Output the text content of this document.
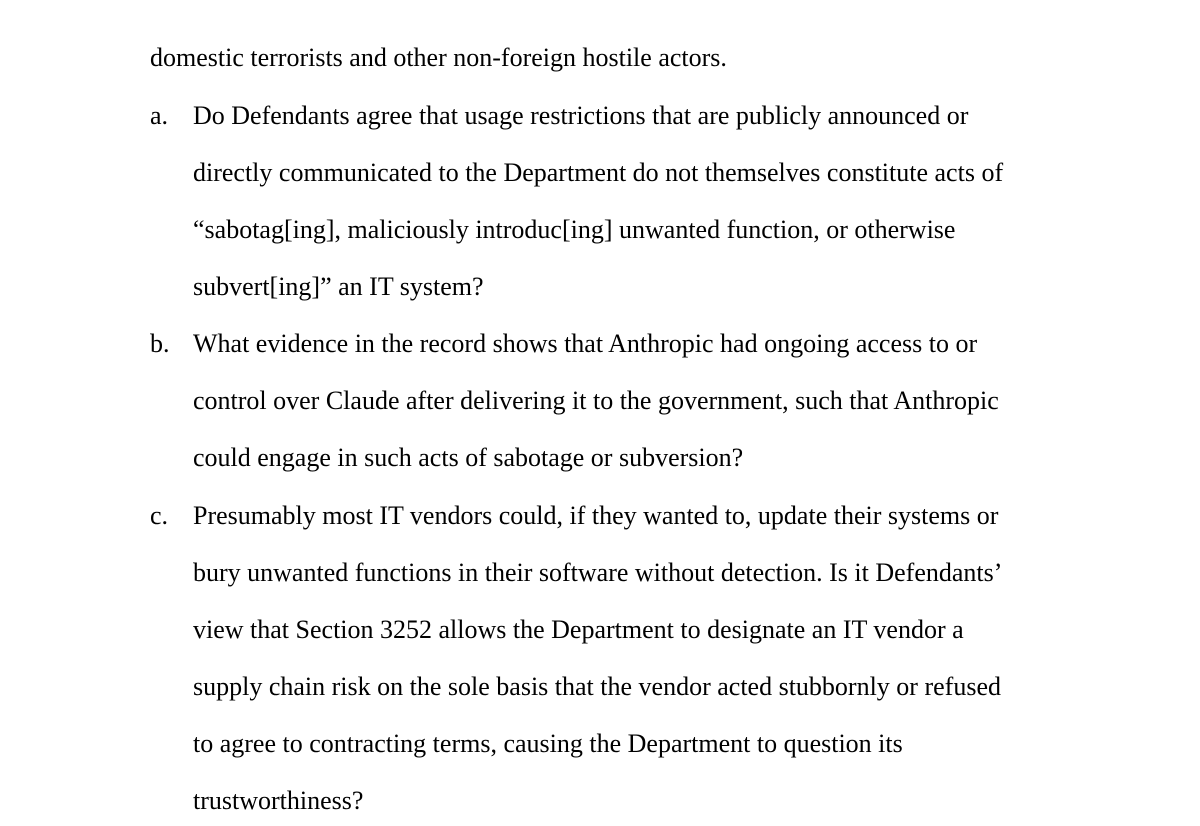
domestic terrorists and other non-foreign hostile actors.

a. Do Defendants agree that usage restrictions that are publicly announced or

directly communicated to the Department do not themselves constitute acts of

“sabotag[ing], maliciously introduc[ing] unwanted function, or otherwise

subvert[ing]” an IT system?

b. What evidence in the record shows that Anthropic had ongoing access to or

control over Claude after delivering it to the government, such that Anthropic

could engage in such acts of sabotage or subversion?

c. Presumably most IT vendors could, if they wanted to, update their systems or

bury unwanted functions in their software without detection. Is it Defendants’

view that Section 3252 allows the Department to designate an IT vendor a

supply chain risk on the sole basis that the vendor acted stubbornly or refused

to agree to contracting terms, causing the Department to question its

trustworthiness?
